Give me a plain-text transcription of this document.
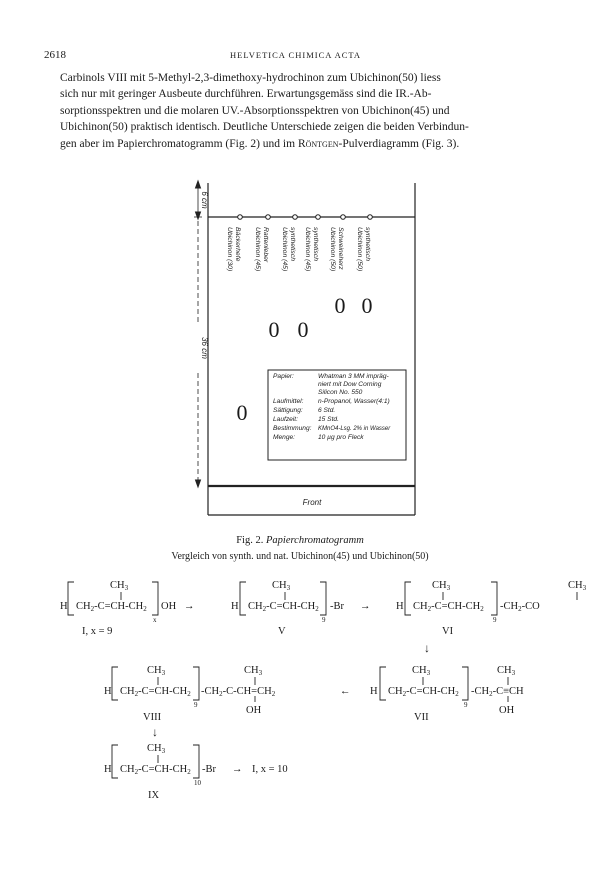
2618	HELVETICA CHIMICA ACTA

Carbinols VIII mit 5-Methyl-2,3-dimethoxy-hydrochinon zum Ubichinon(50) liess
sich nur mit geringer Ausbeute durchführen. Erwartungsgemäss sind die IR.-Ab-
sorptionsspektren und die molaren UV.-Absorptionsspektren von Ubichinon(45) und
Ubichinon(50) praktisch identisch. Deutliche Unterschiede zeigen die beiden Verbindun-
gen aber im Papierchromatogramm (Fig. 2) und im Röntgen-Pulverdiagramm (Fig. 3).

6 cm
36 cm
Ubichinon (30) Bäckerhefe Ubichinon (45) Rattenleber Ubichinon (45) synthetisch Ubichinon (45) synthetisch Ubichinon (50) Schweineherz Ubichinon (50) synthetisch
0 0
0 0
0
Papier:	Whatman 3 MM impräg-
niert mit Dow Corning
Silicon No. 550
Laufmittel: n-Propanol, Wasser(4:1)
Sättigung: 6 Std.
Laufzeit:	15 Std.
Bestimmung: KMnO4-Lsg. 2% in Wasser
Menge:	10 µg pro Fleck
Front
Fig. 2. Papierchromatogramm
Vergleich von synth. und nat. Ubichinon(45) und Ubichinon(50)
CH3
H CH2-C=CH-CH2 OH
x
I, x = 9
→
CH3
H CH2-C=CH-CH2 -Br
9
V
→
CH3	CH3
H CH2-C=CH-CH2 -CH2-CO
9
VI
↓
CH3	CH3
H CH2-C=CH-CH2 -CH2-C-CH=CH2
9	OH
VIII
↓
←
CH3	CH3
H CH2-C=CH-CH2 -CH2-C≡CH
9	OH
VII
CH3
H CH2-C=CH-CH2 -Br
10
→ I, x = 10
IX
